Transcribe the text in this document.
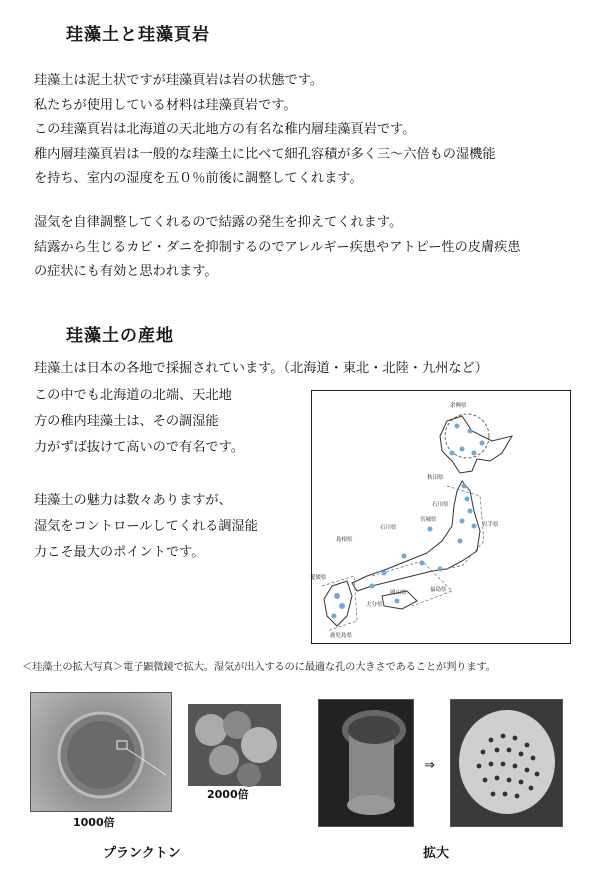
珪藻土と珪藻頁岩

珪藻土は泥土状ですが珪藻頁岩は岩の状態です。

私たちが使用している材料は珪藻頁岩です。

この珪藻頁岩は北海道の天北地方の有名な稚内層珪藻頁岩です。

稚内層珪藻頁岩は一般的な珪藻土に比べて細孔容積が多く三～六倍もの湿機能

を持ち、室内の湿度を五０％前後に調整してくれます。

湿気を自律調整してくれるので結露の発生を抑えてくれます。

結露から生じるカビ・ダニを抑制するのでアレルギー疾患やアトピー性の皮膚疾患

の症状にも有効と思われます。

珪藻土の産地

珪藻土は日本の各地で採掘されています。（北海道・東北・北陸・九州など）

この中でも北海道の北端、天北地

方の稚内珪藻土は、その調湿能

力がずば抜けて高いので有名です。

珪藻土の魅力は数々ありますが、

湿気をコントロールしてくれる調湿能

力こそ最大のポイントです。

余興県
秋田県
石川県
岩手県
石川県
宮城県
島根県
愛媛県
岡山県
大分県
鹿児島県
福島県
＜珪藻土の拡大写真＞電子顕微鏡で拡大。湿気が出入するのに最適な孔の大きさであることが判ります。
1000倍
2000倍
⇒
プランクトン	拡大
